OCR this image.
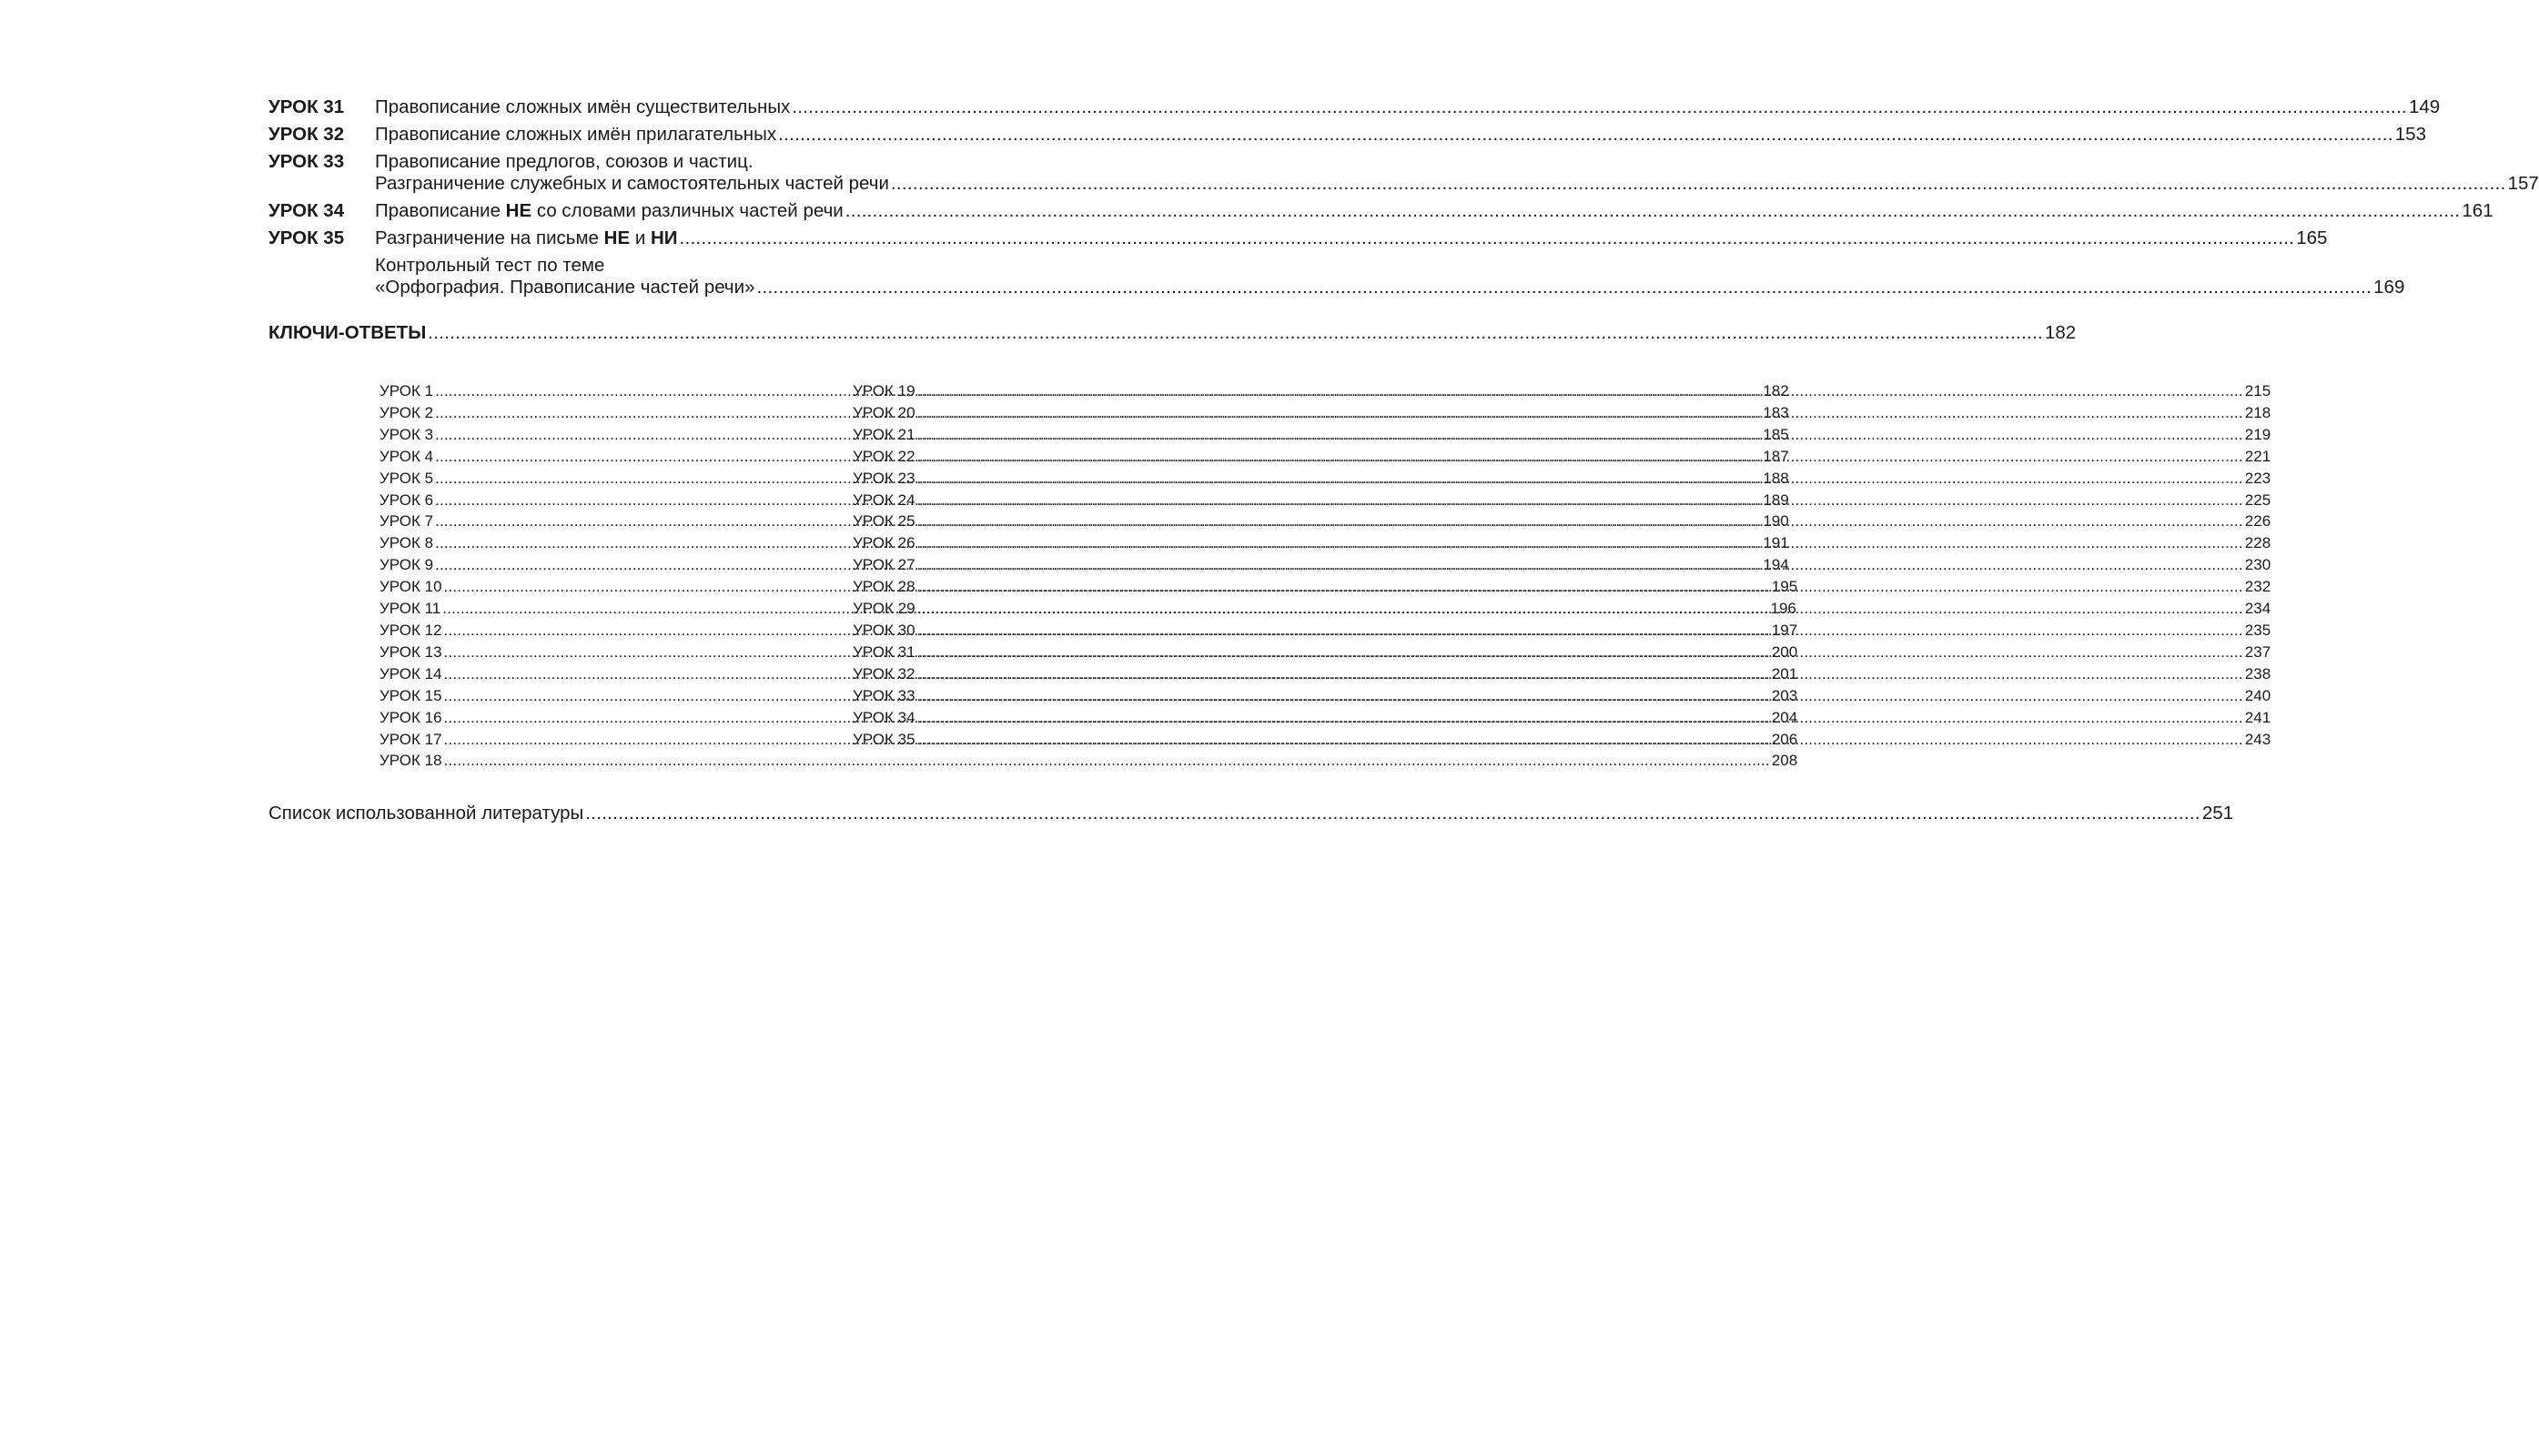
УРОК 31	Правописание сложных имён существительных .....	149
УРОК 32	Правописание сложных имён прилагательных .....	153
УРОК 33	Правописание предлогов, союзов и частиц.
Разграничение служебных и самостоятельных частей речи .....	157
УРОК 34	Правописание НЕ со словами различных частей речи .....	161
УРОК 35	Разграничение на письме НЕ и НИ .....	165
Контрольный тест по теме
«Орфография. Правописание частей речи» .....	169
КЛЮЧИ-ОТВЕТЫ .....	182
УРОК 1 .....	182
УРОК 2 .....	183
УРОК 3 .....	185
УРОК 4 .....	187
УРОК 5 .....	188
УРОК 6 .....	189
УРОК 7 .....	190
УРОК 8 .....	191
УРОК 9 .....	194
УРОК 10 .....	195
УРОК 11 .....	196
УРОК 12 .....	197
УРОК 13 .....	200
УРОК 14 .....	201
УРОК 15 .....	203
УРОК 16 .....	204
УРОК 17 .....	206
УРОК 18 .....	208
УРОК 19 .....	215
УРОК 20 .....	218
УРОК 21 .....	219
УРОК 22 .....	221
УРОК 23 .....	223
УРОК 24 .....	225
УРОК 25 .....	226
УРОК 26 .....	228
УРОК 27 .....	230
УРОК 28 .....	232
УРОК 29 .....	234
УРОК 30 .....	235
УРОК 31 .....	237
УРОК 32 .....	238
УРОК 33 .....	240
УРОК 34 .....	241
УРОК 35 .....	243
Список использованной литературы .....	251
